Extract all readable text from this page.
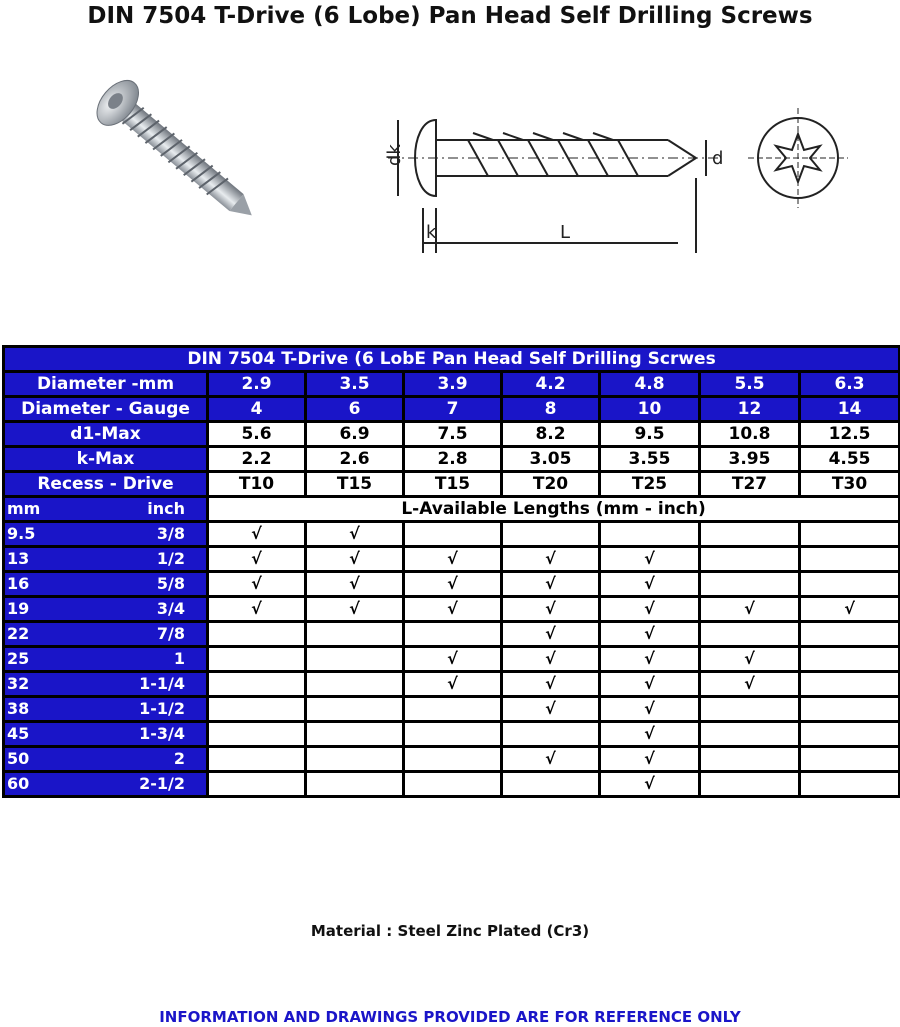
DIN 7504 T-Drive (6 Lobe) Pan Head Self Drilling Screws
dk
k	L
d
DIN 7504 T-Drive (6 LobE Pan Head Self Drilling Scrwes							
Diameter -mm	2.9	3.5	3.9	4.2	4.8	5.5	6.3
Diameter - Gauge	4	6	7	8	10	12	14
d1-Max	5.6	6.9	7.5	8.2	9.5	10.8	12.5
k-Max	2.2	2.6	2.8	3.05	3.55	3.95	4.55
Recess - Drive	T10	T15	T15	T20	T25	T27	T30
mm inch	L-Available Lengths (mm - inch)						
9.5 3/8	√	√					
13 1/2	√	√	√	√	√		
16 5/8	√	√	√	√	√		
19 3/4	√	√	√	√	√	√	√
22 7/8				√	√		
25 1			√	√	√	√	
32 1-1/4			√	√	√	√	
38 1-1/2				√	√		
45 1-3/4					√		
50 2				√	√		
60 2-1/2					√		
Material : Steel Zinc Plated (Cr3)
INFORMATION AND DRAWINGS PROVIDED ARE FOR REFERENCE ONLY
